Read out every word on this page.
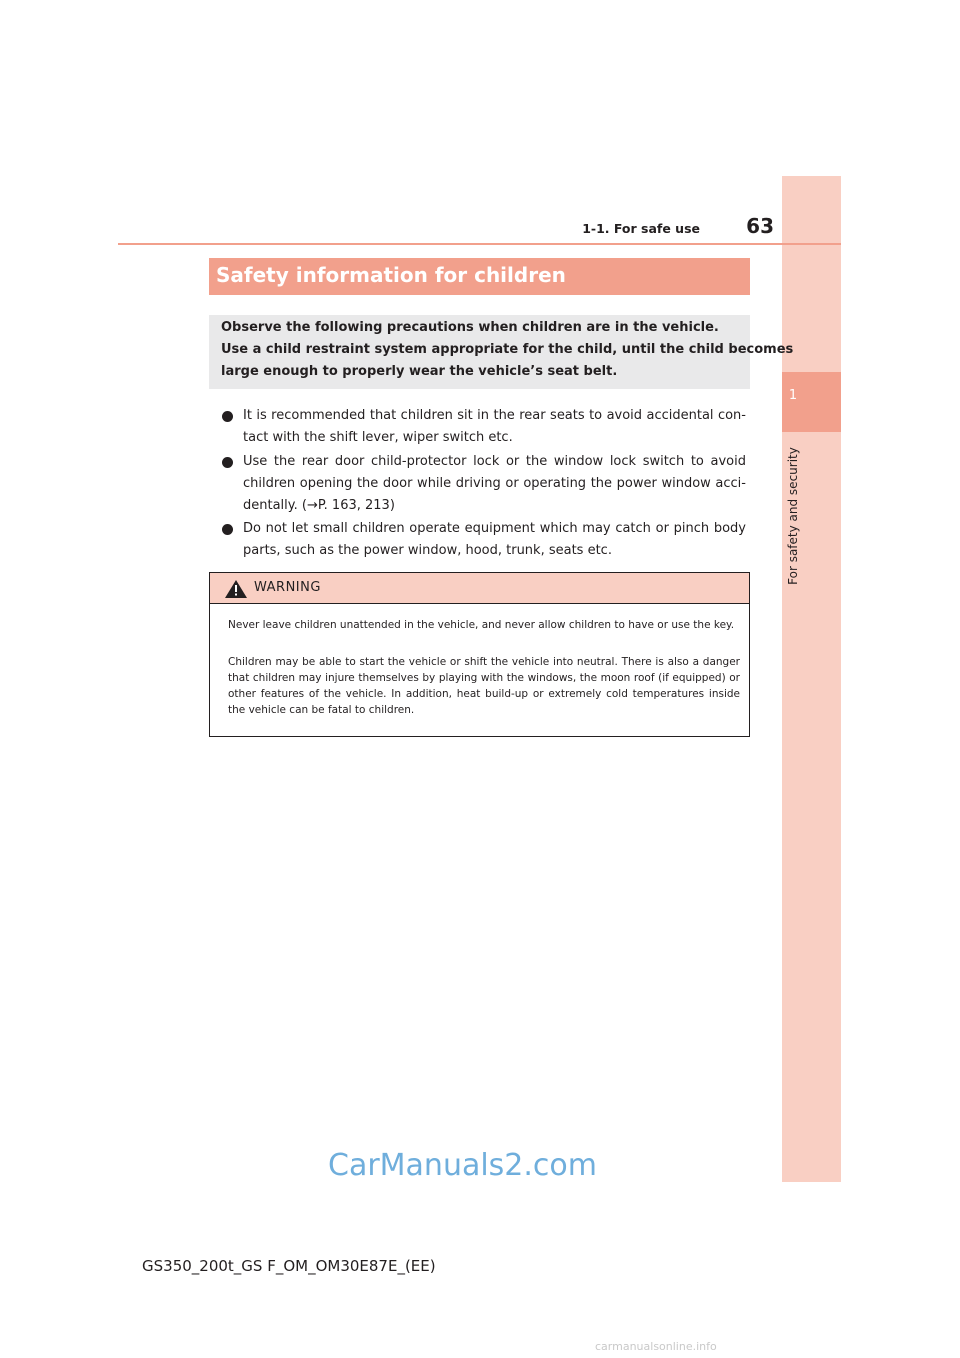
1
For safety and security
1-1. For safe use	63
Safety information for children

Observe the following precautions when children are in the vehicle.

Use a child restraint system appropriate for the child, until the child becomes

large enough to properly wear the vehicle’s seat belt.

It is recommended that children sit in the rear seats to avoid accidental contact with the shift lever, wiper switch etc.
Use the rear door child-protector lock or the window lock switch to avoid children opening the door while driving or operating the power window accidentally. (→P. 163, 213)
Do not let small children operate equipment which may catch or pinch body parts, such as the power window, hood, trunk, seats etc.
WARNING

Never leave children unattended in the vehicle, and never allow children to have or use the key.

Children may be able to start the vehicle or shift the vehicle into neutral. There is also a danger that children may injure themselves by playing with the windows, the moon roof (if equipped) or other features of the vehicle. In addition, heat build-up or extremely cold temperatures inside the vehicle can be fatal to children.

CarManuals2.com
GS350_200t_GS F_OM_OM30E87E_(EE)
carmanualsonline.info
